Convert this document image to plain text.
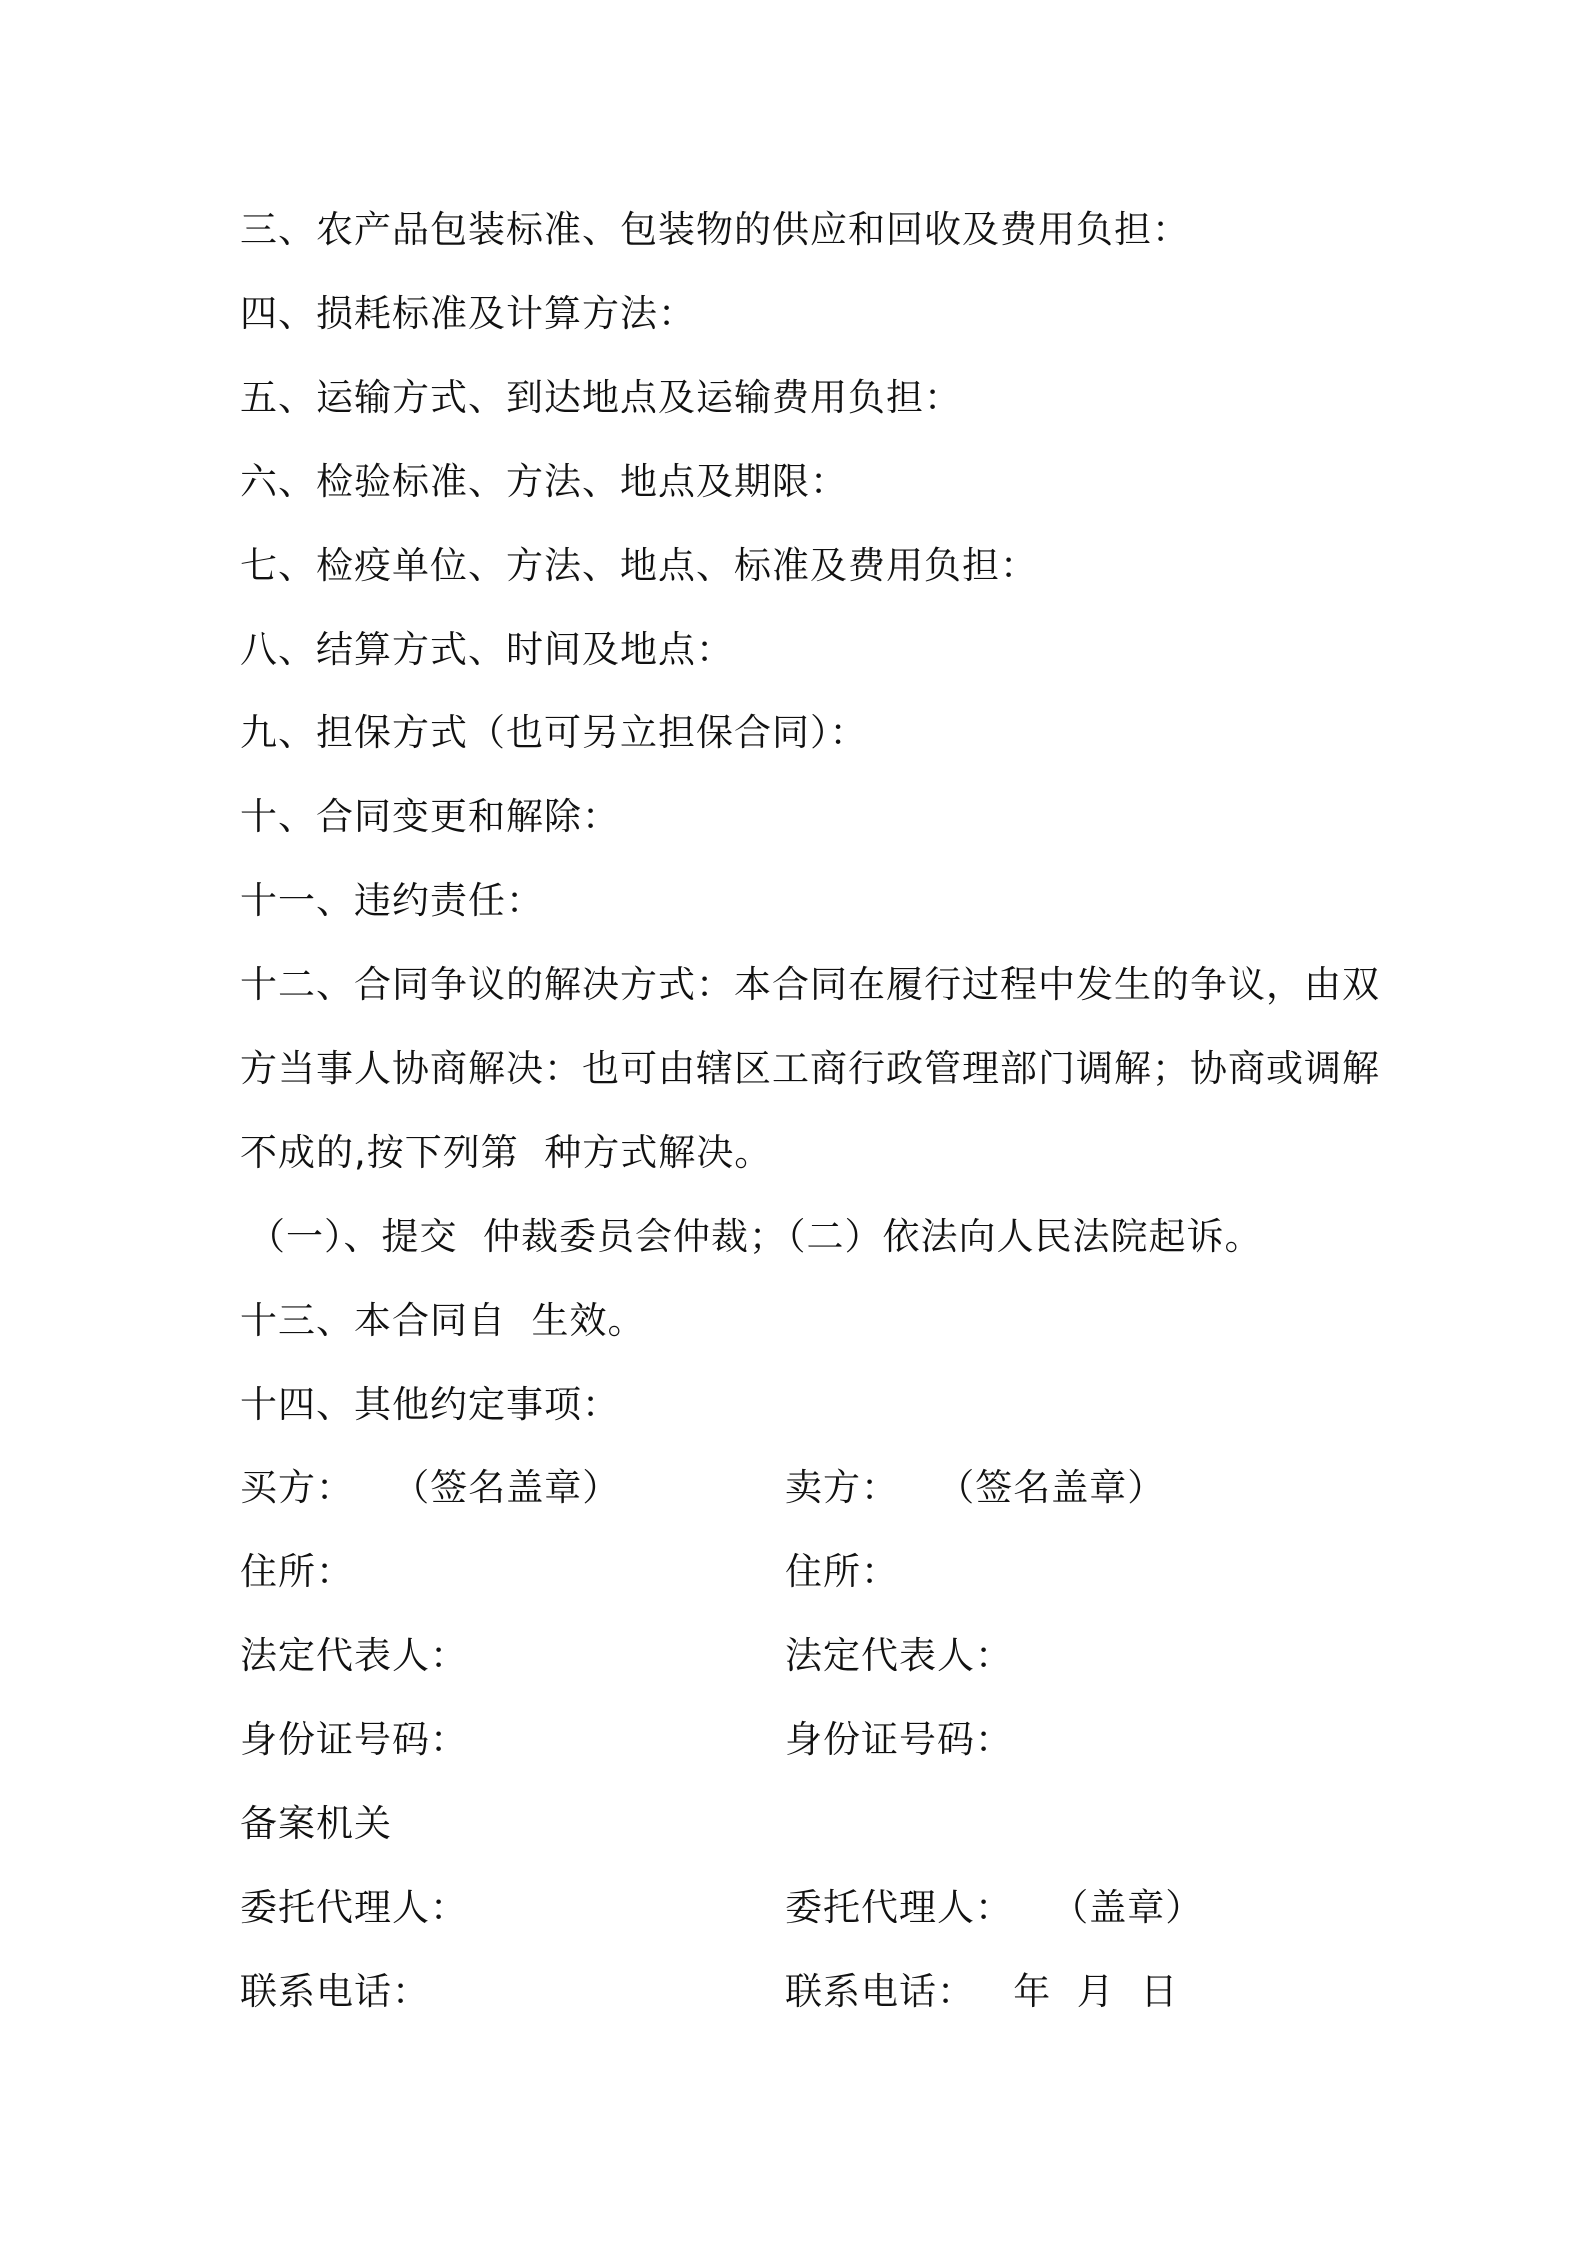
三、农产品包装标准、包装物的供应和回收及费用负担：
四、损耗标准及计算方法：
五、运输方式、到达地点及运输费用负担：
六、检验标准、方法、地点及期限：
七、检疫单位、方法、地点、标准及费用负担：
八、结算方式、时间及地点：
九、担保方式（也可另立担保合同）：
十、合同变更和解除：
十一、违约责任：
十二、合同争议的解决方式：本合同在履行过程中发生的争议，由双
方当事人协商解决：也可由辖区工商行政管理部门调解；协商或调解
不成的,按下列第  种方式解决。
（一）、提交  仲裁委员会仲裁；（二）依法向人民法院起诉。
十三、本合同自  生效。
十四、其他约定事项：
买方：   （签名盖章）	卖方：   （签名盖章）
住所：	住所：
法定代表人：	法定代表人：
身份证号码：	身份证号码：
备案机关
委托代理人：	委托代理人：   （盖章）
联系电话：	联系电话：   年  月  日
